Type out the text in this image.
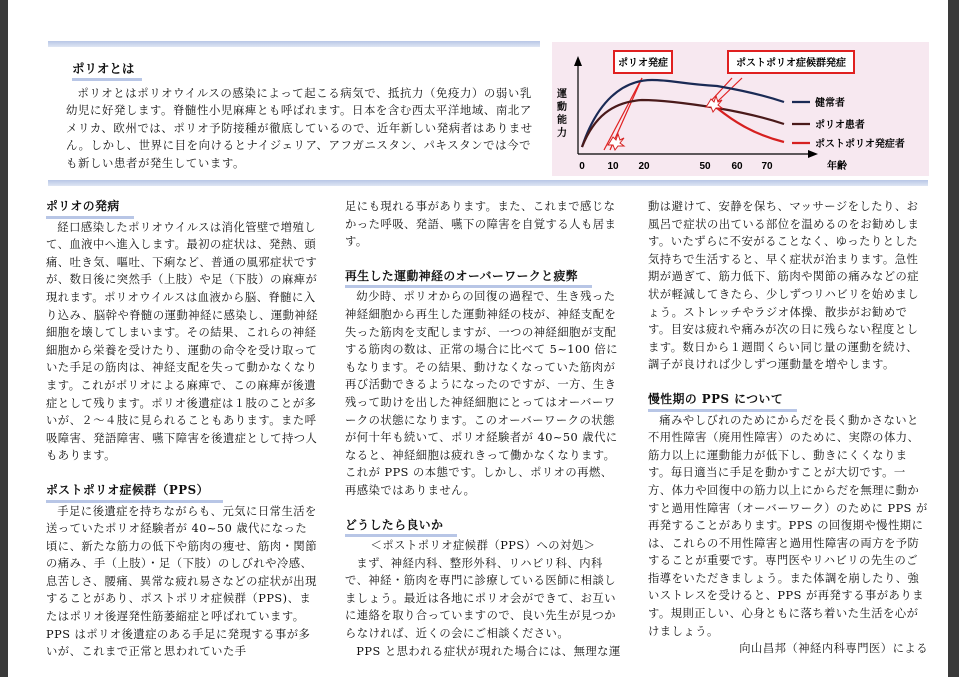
ポリオとは

ポリオとはポリオウイルスの感染によって起こる病気で、抵抗力（免疫力）の弱い乳幼児に好発します。脊髄性小児麻痺とも呼ばれます。日本を含む西太平洋地域、南北アメリカ、欧州では、ポリオ予防接種が徹底しているので、近年新しい発病者はありません。しかし、世界に目を向けるとナイジェリア、アフガニスタン、パキスタンでは今でも新しい患者が発生しています。

ポリオ発症	ポストポリオ症候群発症
運
動
能
力
0 10 20	50 60 70	年齢
健常者
ポリオ患者
ポストポリオ発症者
ポリオの発病

経口感染したポリオウイルスは消化管壁で増殖して、血液中へ進入します。最初の症状は、発熱、頭痛、吐き気、嘔吐、下痢など、普通の風邪症状ですが、数日後に突然手（上肢）や足（下肢）の麻痺が現れます。ポリオウイルスは血液から脳、脊髄に入り込み、脳幹や脊髄の運動神経に感染し、運動神経細胞を壊してしまいます。その結果、これらの神経細胞から栄養を受けたり、運動の命令を受け取っていた手足の筋肉は、神経支配を失って動かなくなります。これがポリオによる麻痺で、この麻痺が後遺症として残ります。ポリオ後遺症は１肢のことが多いが、２～４肢に見られることもあります。また呼吸障害、発語障害、嚥下障害を後遺症として持つ人もあります。

ポストポリオ症候群（PPS）

手足に後遺症を持ちながらも、元気に日常生活を送っていたポリオ経験者が 40~50 歳代になった頃に、新たな筋力の低下や筋肉の痩せ、筋肉・関節の痛み、手（上肢）・足（下肢）のしびれや冷感、息苦しさ、腰痛、異常な疲れ易さなどの症状が出現することがあり、ポストポリオ症候群（PPS)、またはポリオ後遅発性筋萎縮症と呼ばれています。PPS はポリオ後遺症のある手足に発現する事が多いが、これまで正常と思われていた手

足にも現れる事があります。また、これまで感じなかった呼吸、発語、嚥下の障害を自覚する人も居ます。

再生した運動神経のオーバーワークと疲弊

幼少時、ポリオからの回復の過程で、生き残った神経細胞から再生した運動神経の枝が、神経支配を失った筋肉を支配しますが、一つの神経細胞が支配する筋肉の数は、正常の場合に比べて 5~100 倍にもなります。その結果、動けなくなっていた筋肉が再び活動できるようになったのですが、一方、生き残って助けを出した神経細胞にとってはオーバーワークの状態になります。このオーバーワークの状態が何十年も続いて、ポリオ経験者が 40~50 歳代になると、神経細胞は疲れきって働かなくなります。これが PPS の本態です。しかし、ポリオの再燃、再感染ではありません。

どうしたら良いか

＜ポストポリオ症候群（PPS）への対処＞

まず、神経内科、整形外科、リハビリ科、内科で、神経・筋肉を専門に診療している医師に相談しましょう。最近は各地にポリオ会ができて、お互いに連絡を取り合っていますので、良い先生が見つからなければ、近くの会にご相談ください。

PPS と思われる症状が現れた場合には、無理な運

動は避けて、安静を保ち、マッサージをしたり、お風呂で症状の出ている部位を温めるのをお勧めします。いたずらに不安がることなく、ゆったりとした気持ちで生活すると、早く症状が治まります。急性期が過ぎて、筋力低下、筋肉や関節の痛みなどの症状が軽減してきたら、少しずつリハビリを始めましょう。ストレッチやラジオ体操、散歩がお勧めです。目安は疲れや痛みが次の日に残らない程度とします。数日から１週間くらい同じ量の運動を続け、調子が良ければ少しずつ運動量を増やします。

慢性期の PPS について

痛みやしびれのためにからだを長く動かさないと不用性障害（廃用性障害）のために、実際の体力、筋力以上に運動能力が低下し、動きにくくなります。毎日適当に手足を動かすことが大切です。一方、体力や回復中の筋力以上にからだを無理に動かすと過用性障害（オーバーワーク）のために PPS が再発することがあります。PPS の回復期や慢性期には、これらの不用性障害と過用性障害の両方を予防することが重要です。専門医やリハビリの先生のご指導をいただきましょう。また体調を崩したり、強いストレスを受けると、PPS が再発する事があります。規則正しい、心身ともに落ち着いた生活を心がけましょう。

向山昌邦（神経内科専門医）による
